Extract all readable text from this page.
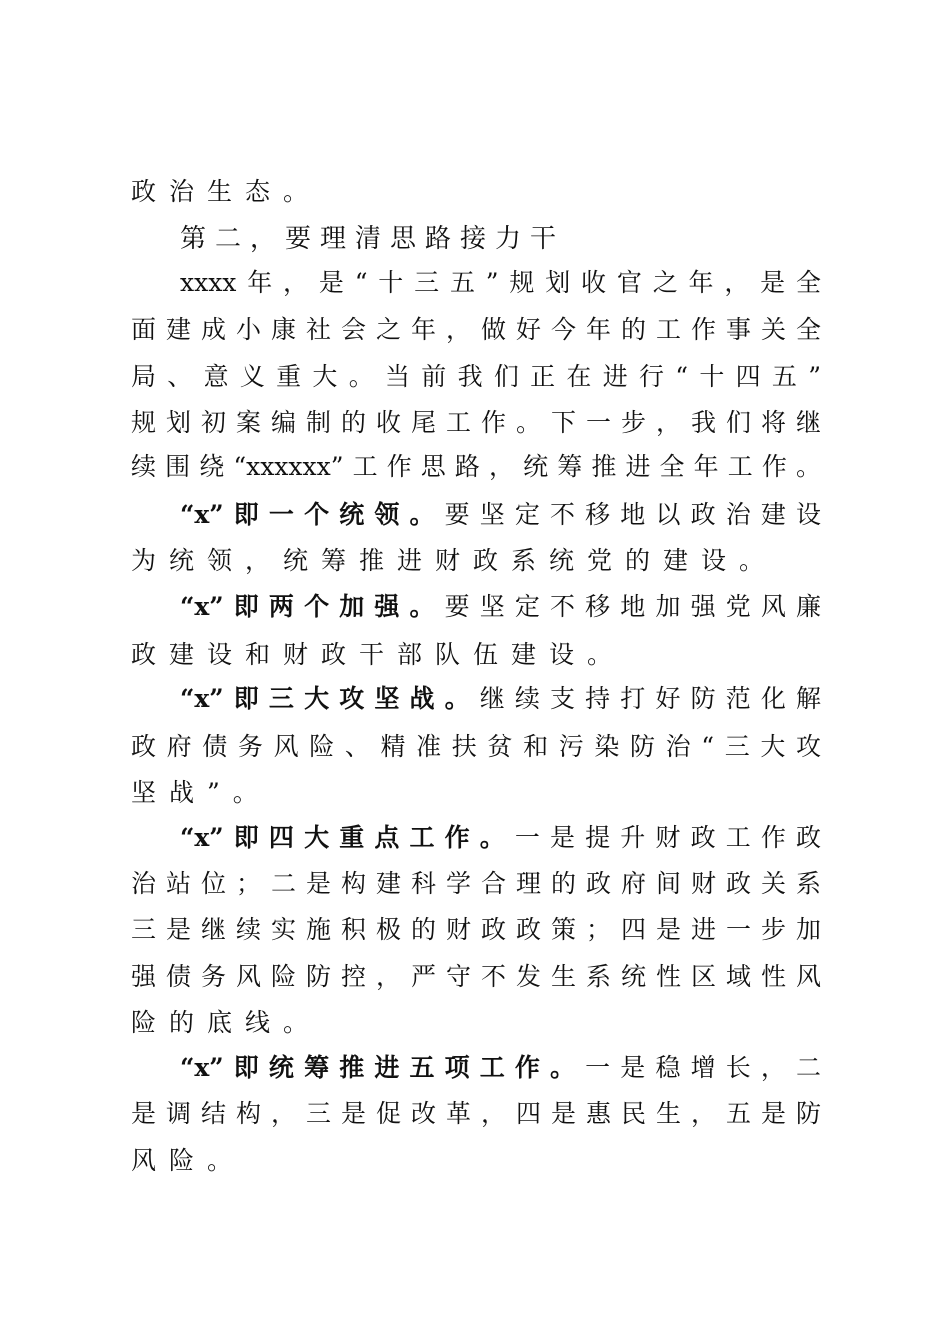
政治生态。
第二，要理清思路接力干
xxxx年，是“十三五”规划收官之年，是全
面建成小康社会之年，做好今年的工作事关全
局、意义重大。当前我们正在进行“十四五”
规划初案编制的收尾工作。下一步，我们将继
续围绕“xxxxxx”工作思路，统筹推进全年工作。
“x”即一个统领。要坚定不移地以政治建设
为统领，统筹推进财政系统党的建设。
“x”即两个加强。要坚定不移地加强党风廉
政建设和财政干部队伍建设。
“x”即三大攻坚战。继续支持打好防范化解
政府债务风险、精准扶贫和污染防治“三大攻
坚战”。
“x”即四大重点工作。一是提升财政工作政
治站位；二是构建科学合理的政府间财政关系
三是继续实施积极的财政政策；四是进一步加
强债务风险防控，严守不发生系统性区域性风
险的底线。
“x”即统筹推进五项工作。一是稳增长，二
是调结构，三是促改革，四是惠民生，五是防
风险。
